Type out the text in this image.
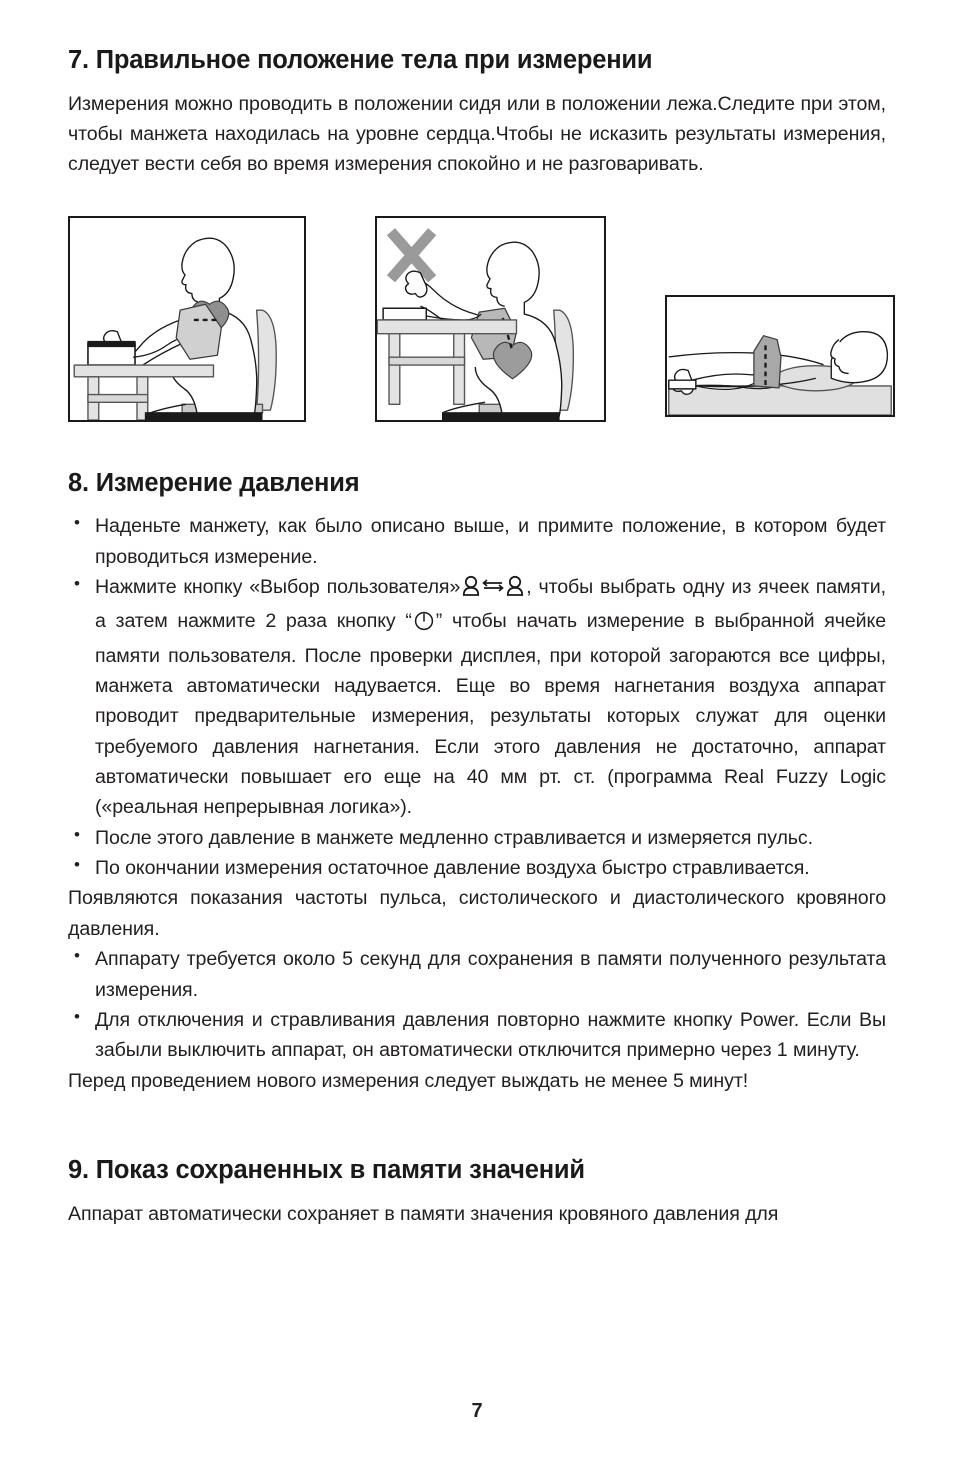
7. Правильное положение тела при измерении

Измерения можно проводить в положении сидя или в положении лежа.Следите при этом, чтобы манжета находилась на уровне сердца.Чтобы не исказить результаты измерения, следует вести себя во время измерения спокойно и не разговаривать.

8. Измерение давления
• Наденьте манжету, как было описано выше, и примите положение, в котором будет проводиться измерение.
• Нажмите кнопку «Выбор пользователя»	, чтобы выбрать одну из ячеек памяти, а затем нажмите 2 раза кнопку “ ” чтобы начать измерение в выбранной ячейке памяти пользователя. После проверки дисплея, при которой загораются все цифры, манжета автоматически надувается. Еще во время нагнетания воздуха аппарат проводит предварительные измерения, результаты которых служат для оценки требуемого давления нагнетания. Если этого давления не достаточно, аппарат автоматически повышает его еще на 40 мм рт. ст. (программа Real Fuzzy Logic («реальная непрерывная логика»).
• После этого давление в манжете медленно стравливается и измеряется пульс.
• По окончании измерения остаточное давление воздуха быстро стравливается.

Появляются показания частоты пульса, систолического и диастолического кровяного давления.

• Аппарату требуется около 5 секунд для сохранения в памяти полученного результата измерения.
• Для отключения и стравливания давления повторно нажмите кнопку Power. Если Вы забыли выключить аппарат, он автоматически отключится примерно через 1 минуту.

Перед проведением нового измерения следует выждать не менее 5 минут!

9. Показ сохраненных в памяти значений

Аппарат автоматически сохраняет в памяти значения кровяного давления для

7
